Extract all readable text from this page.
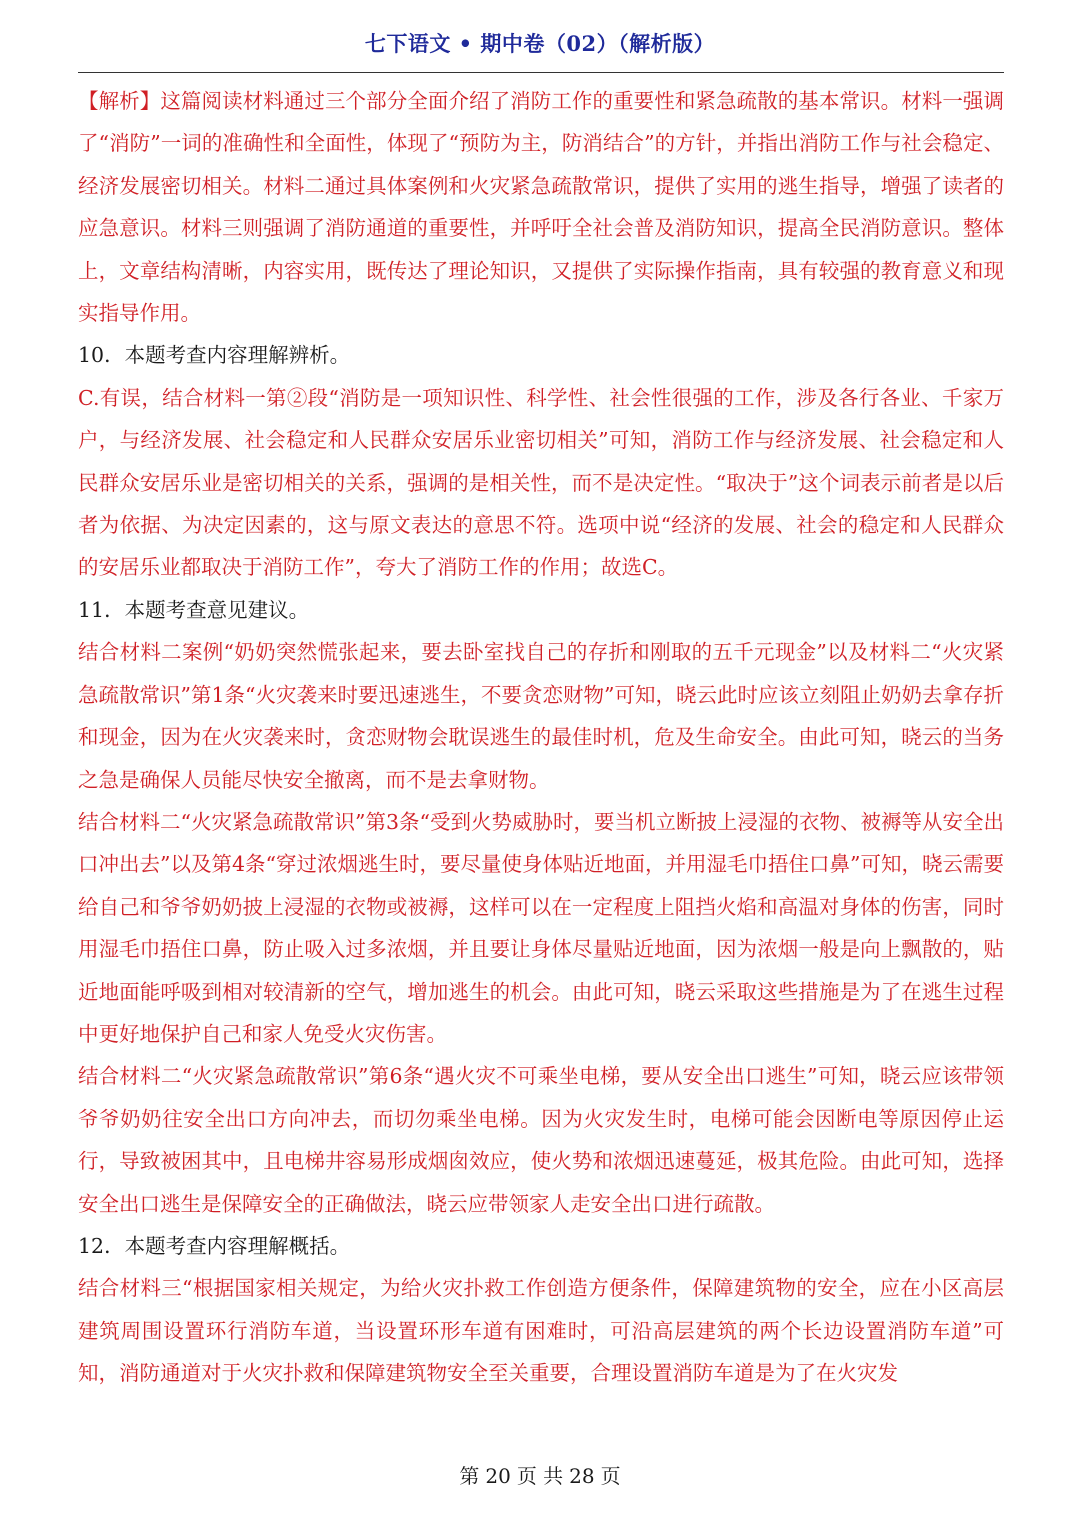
七下语文 • 期中卷（02）（解析版）

【解析】这篇阅读材料通过三个部分全面介绍了消防工作的重要性和紧急疏散的基本常识。材料一强调了“消防”一词的准确性和全面性，体现了“预防为主，防消结合”的方针，并指出消防工作与社会稳定、经济发展密切相关。材料二通过具体案例和火灾紧急疏散常识，提供了实用的逃生指导，增强了读者的应急意识。材料三则强调了消防通道的重要性，并呼吁全社会普及消防知识，提高全民消防意识。整体上，文章结构清晰，内容实用，既传达了理论知识，又提供了实际操作指南，具有较强的教育意义和现实指导作用。

10．本题考查内容理解辨析。

C.有误，结合材料一第②段“消防是一项知识性、科学性、社会性很强的工作，涉及各行各业、千家万户，与经济发展、社会稳定和人民群众安居乐业密切相关”可知，消防工作与经济发展、社会稳定和人民群众安居乐业是密切相关的关系，强调的是相关性，而不是决定性。“取决于”这个词表示前者是以后者为依据、为决定因素的，这与原文表达的意思不符。选项中说“经济的发展、社会的稳定和人民群众的安居乐业都取决于消防工作”，夸大了消防工作的作用；故选C。

11．本题考查意见建议。

结合材料二案例“奶奶突然慌张起来，要去卧室找自己的存折和刚取的五千元现金”以及材料二“火灾紧急疏散常识”第1条“火灾袭来时要迅速逃生，不要贪恋财物”可知，晓云此时应该立刻阻止奶奶去拿存折和现金，因为在火灾袭来时，贪恋财物会耽误逃生的最佳时机，危及生命安全。由此可知，晓云的当务之急是确保人员能尽快安全撤离，而不是去拿财物。

结合材料二“火灾紧急疏散常识”第3条“受到火势威胁时，要当机立断披上浸湿的衣物、被褥等从安全出口冲出去”以及第4条“穿过浓烟逃生时，要尽量使身体贴近地面，并用湿毛巾捂住口鼻”可知，晓云需要给自己和爷爷奶奶披上浸湿的衣物或被褥，这样可以在一定程度上阻挡火焰和高温对身体的伤害，同时用湿毛巾捂住口鼻，防止吸入过多浓烟，并且要让身体尽量贴近地面，因为浓烟一般是向上飘散的，贴近地面能呼吸到相对较清新的空气，增加逃生的机会。由此可知，晓云采取这些措施是为了在逃生过程中更好地保护自己和家人免受火灾伤害。

结合材料二“火灾紧急疏散常识”第6条“遇火灾不可乘坐电梯，要从安全出口逃生”可知，晓云应该带领爷爷奶奶往安全出口方向冲去，而切勿乘坐电梯。因为火灾发生时，电梯可能会因断电等原因停止运行，导致被困其中，且电梯井容易形成烟囱效应，使火势和浓烟迅速蔓延，极其危险。由此可知，选择安全出口逃生是保障安全的正确做法，晓云应带领家人走安全出口进行疏散。

12．本题考查内容理解概括。

结合材料三“根据国家相关规定，为给火灾扑救工作创造方便条件，保障建筑物的安全，应在小区高层建筑周围设置环行消防车道，当设置环形车道有困难时，可沿高层建筑的两个长边设置消防车道”可知，消防通道对于火灾扑救和保障建筑物安全至关重要，合理设置消防车道是为了在火灾发

第 20 页 共 28 页
